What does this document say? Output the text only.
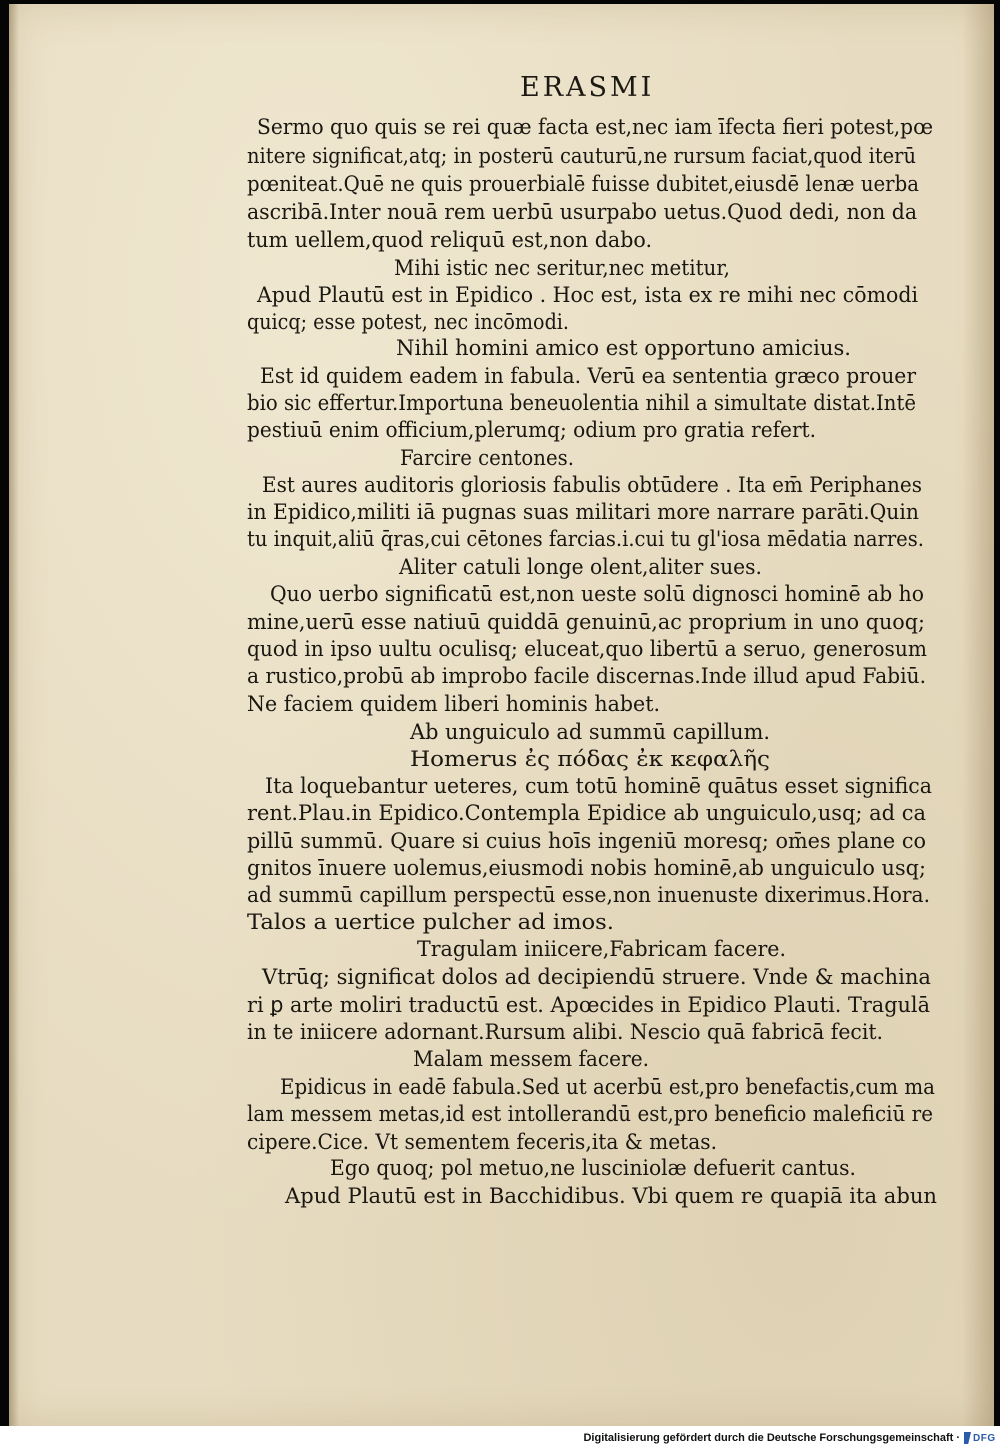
ERASMI
Sermo quo quis se rei quæ facta est,nec iam īfecta fieri potest,pœ
nitere significat,atq; in posterū cauturū,ne rursum faciat,quod iterū
pœniteat.Quē ne quis prouerbialē fuisse dubitet,eiusdē lenæ uerba
ascribā.Inter nouā rem uerbū usurpabo uetus.Quod dedi, non da
tum uellem,quod reliquū est,non dabo.
Mihi istic nec seritur,nec metitur,
Apud Plautū est in Epidico . Hoc est, ista ex re mihi nec cōmodi
quicq; esse potest, nec incōmodi.
Nihil homini amico est opportuno amicius.
Est id quidem eadem in fabula. Verū ea sententia græco prouer
bio sic effertur.Importuna beneuolentia nihil a simultate distat.Intē
pestiuū enim officium,plerumq; odium pro gratia refert.
Farcire centones.
Est aures auditoris gloriosis fabulis obtūdere . Ita em̄ Periphanes
in Epidico,militi iā pugnas suas militari more narrare parāti.Quin
tu inquit,aliū q̄ras,cui cētones farcias.i.cui tu gl'iosa mēdatia narres.
Aliter catuli longe olent,aliter sues.
Quo uerbo significatū est,non ueste solū dignosci hominē ab ho
mine,uerū esse natiuū quiddā genuinū,ac proprium in uno quoq;
quod in ipso uultu oculisq; eluceat,quo libertū a seruo, generosum
a rustico,probū ab improbo facile discernas.Inde illud apud Fabiū.
Ne faciem quidem liberi hominis habet.
Ab unguiculo ad summū capillum.
Homerus ἐς πόδας ἐκ κεφαλῆς
Ita loquebantur ueteres, cum totū hominē quātus esset significa
rent.Plau.in Epidico.Contempla Epidice ab unguiculo,usq; ad ca
pillū summū. Quare si cuius hoīs ingeniū moresq; om̄es plane co
gnitos īnuere uolemus,eiusmodi nobis hominē,ab unguiculo usq;
ad summū capillum perspectū esse,non inuenuste dixerimus.Hora.
Talos a uertice pulcher ad imos.
Tragulam iniicere,Fabricam facere.
Vtrūq; significat dolos ad decipiendū struere. Vnde & machina
ri ꝑ arte moliri traductū est. Apœcides in Epidico Plauti. Tragulā
in te iniicere adornant.Rursum alibi. Nescio quā fabricā fecit.
Malam messem facere.
Epidicus in eadē fabula.Sed ut acerbū est,pro benefactis,cum ma
lam messem metas,id est intollerandū est,pro beneficio maleficiū re
cipere.Cice. Vt sementem feceris,ita & metas.
Ego quoq; pol metuo,ne lusciniolæ defuerit cantus.
Apud Plautū est in Bacchidibus. Vbi quem re quapiā ita abun
Digitalisierung gefördert durch die Deutsche Forschungsgemeinschaft · DFG
